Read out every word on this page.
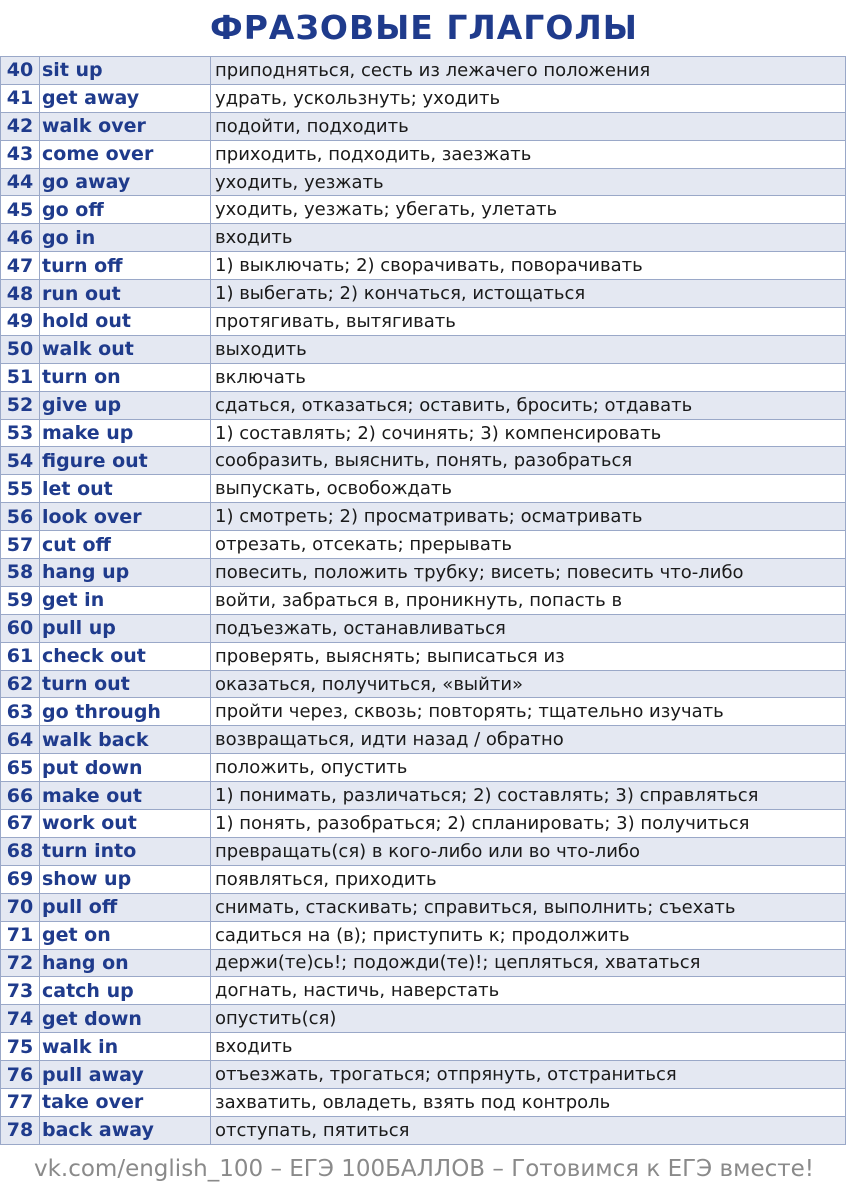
ФРАЗОВЫЕ ГЛАГОЛЫ
40 sit up	приподняться, сесть из лежачего положения
41 get away	удрать, ускользнуть; уходить
42 walk over	подойти, подходить
43 come over	приходить, подходить, заезжать
44 go away	уходить, уезжать
45 go off	уходить, уезжать; убегать, улетать
46 go in	входить
47 turn off	1) выключать; 2) сворачивать, поворачивать
48 run out	1) выбегать; 2) кончаться, истощаться
49 hold out	протягивать, вытягивать
50 walk out	выходить
51 turn on	включать
52 give up	сдаться, отказаться; оставить, бросить; отдавать
53 make up	1) составлять; 2) сочинять; 3) компенсировать
54 figure out	сообразить, выяснить, понять, разобраться
55 let out	выпускать, освобождать
56 look over	1) смотреть; 2) просматривать; осматривать
57 cut off	отрезать, отсекать; прерывать
58 hang up	повесить, положить трубку; висеть; повесить что-либо
59 get in	войти, забраться в, проникнуть, попасть в
60 pull up	подъезжать, останавливаться
61 check out	проверять, выяснять; выписаться из
62 turn out	оказаться, получиться, «выйти»
63 go through	пройти через, сквозь; повторять; тщательно изучать
64 walk back	возвращаться, идти назад / обратно
65 put down	положить, опустить
66 make out	1) понимать, различаться; 2) составлять; 3) справляться
67 work out	1) понять, разобраться; 2) спланировать; 3) получиться
68 turn into	превращать(ся) в кого-либо или во что-либо
69 show up	появляться, приходить
70 pull off	снимать, стаскивать; справиться, выполнить; съехать
71 get on	садиться на (в); приступить к; продолжить
72 hang on	держи(те)сь!; подожди(те)!; цепляться, хвататься
73 catch up	догнать, настичь, наверстать
74 get down	опустить(ся)
75 walk in	входить
76 pull away	отъезжать, трогаться; отпрянуть, отстраниться
77 take over	захватить, овладеть, взять под контроль
78 back away	отступать, пятиться
vk.com/english_100 – ЕГЭ 100БАЛЛОВ – Готовимся к ЕГЭ вместе!
